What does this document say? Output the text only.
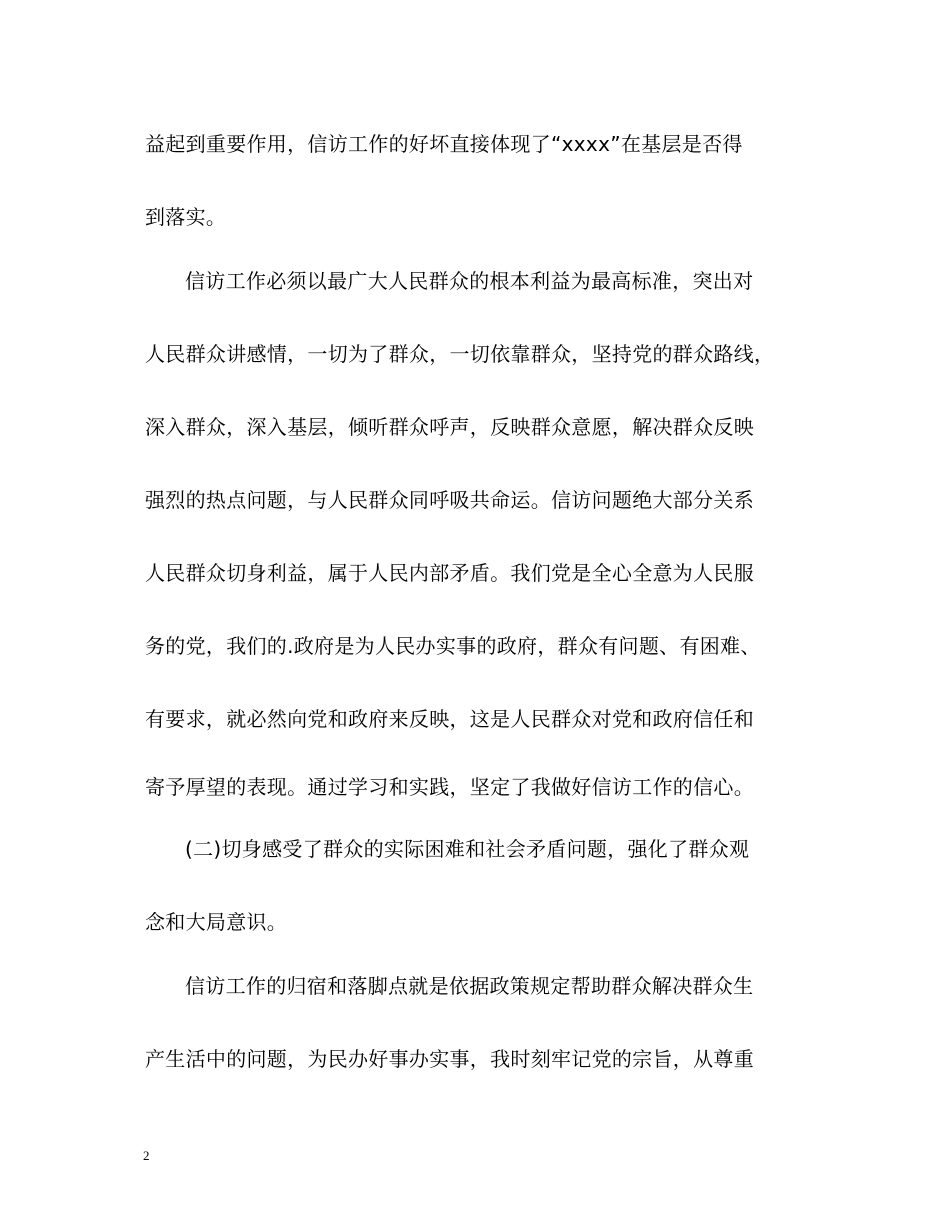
益起到重要作用，信访工作的好坏直接体现了“xxxx”在基层是否得
到落实。
信访工作必须以最广大人民群众的根本利益为最高标准，突出对
人民群众讲感情，一切为了群众，一切依靠群众，坚持党的群众路线，
深入群众，深入基层，倾听群众呼声，反映群众意愿，解决群众反映
强烈的热点问题，与人民群众同呼吸共命运。信访问题绝大部分关系
人民群众切身利益，属于人民内部矛盾。我们党是全心全意为人民服
务的党，我们的.政府是为人民办实事的政府，群众有问题、有困难、
有要求，就必然向党和政府来反映，这是人民群众对党和政府信任和
寄予厚望的表现。通过学习和实践，坚定了我做好信访工作的信心。
(二)切身感受了群众的实际困难和社会矛盾问题，强化了群众观
念和大局意识。
信访工作的归宿和落脚点就是依据政策规定帮助群众解决群众生
产生活中的问题，为民办好事办实事，我时刻牢记党的宗旨，从尊重
2
